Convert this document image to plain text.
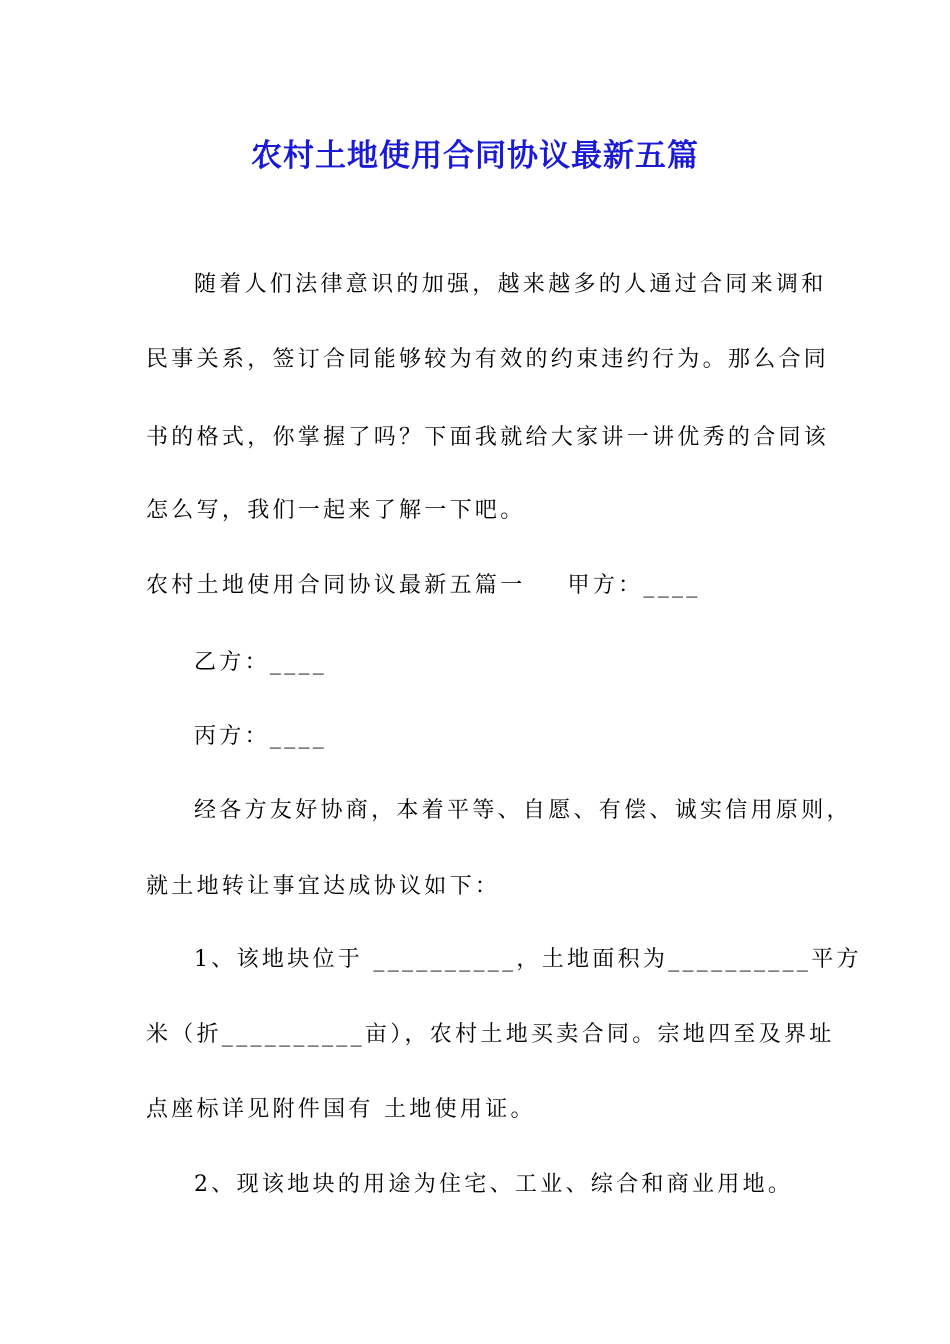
农村土地使用合同协议最新五篇
随着人们法律意识的加强，越来越多的人通过合同来调和
民事关系，签订合同能够较为有效的约束违约行为。那么合同
书的格式，你掌握了吗？下面我就给大家讲一讲优秀的合同该
怎么写，我们一起来了解一下吧。
农村土地使用合同协议最新五篇一 甲方：____
乙方：____
丙方：____
经各方友好协商，本着平等、自愿、有偿、诚实信用原则，
就土地转让事宜达成协议如下：
1、该地块位于 __________，土地面积为__________平方
米（折__________亩），农村土地买卖合同。宗地四至及界址
点座标详见附件国有 土地使用证。
2、现该地块的用途为住宅、工业、综合和商业用地。
